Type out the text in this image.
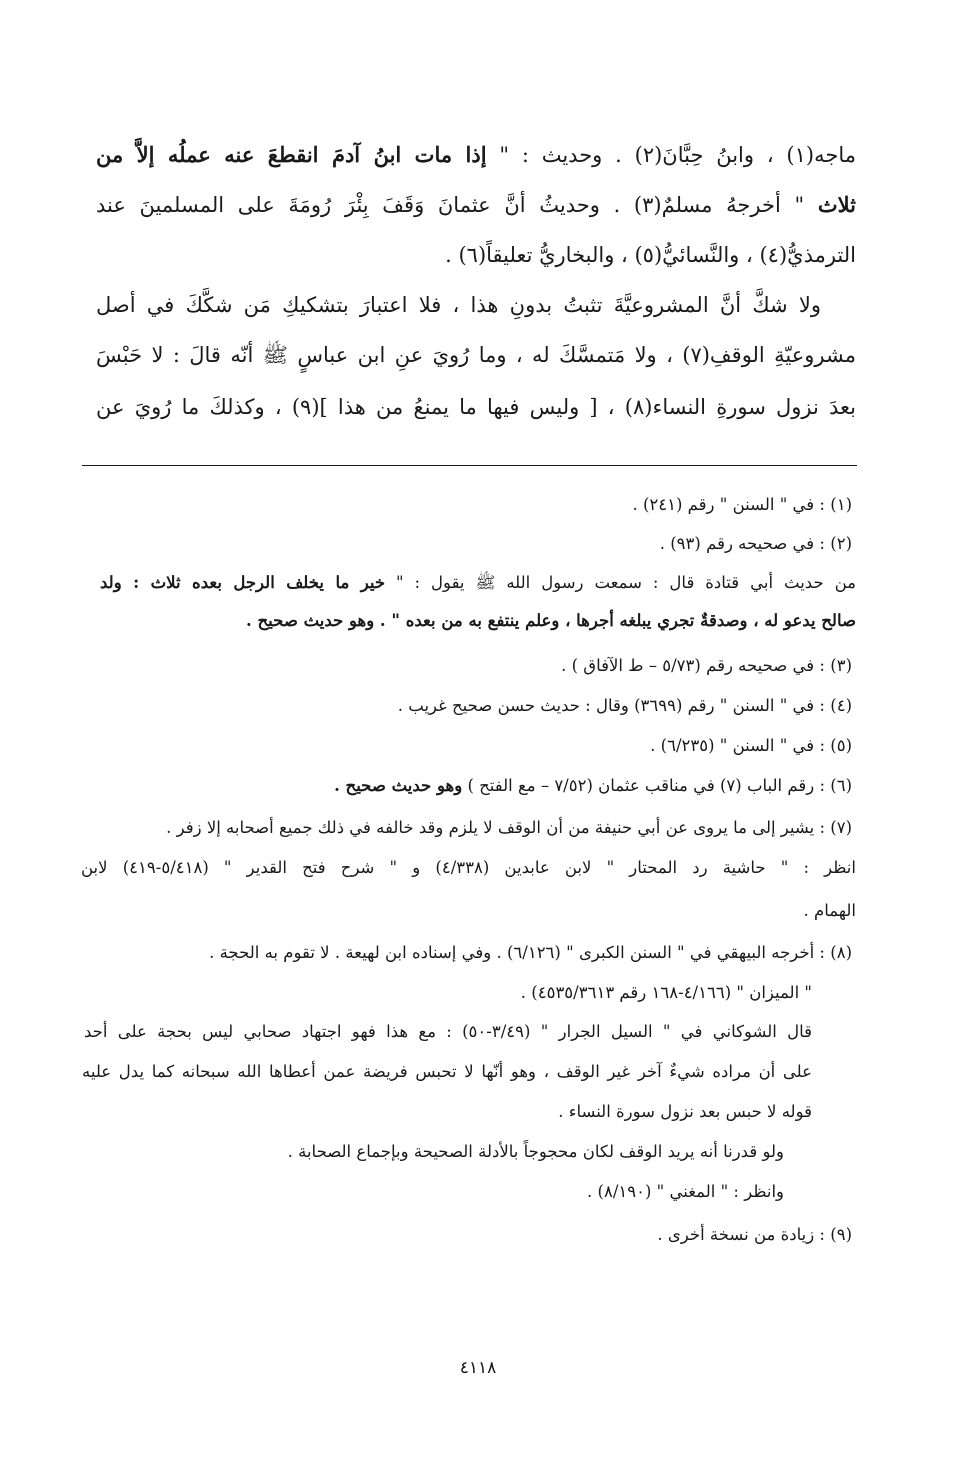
ماجه(١) ، وابنُ حِبَّانَ(٢) . وحديث : " إذا مات ابنُ آدمَ انقطعَ عنه عملُه إلاَّ من
ثلاث " أخرجهُ مسلمٌ(٣) . وحديثُ أنَّ عثمانَ وَقَفَ بِئْرَ رُومَةَ على المسلمينَ عند
الترمذيُّ(٤) ، والنَّسائيُّ(٥) ، والبخاريُّ تعليقاً(٦) .
ولا شكَّ أنَّ المشروعيَّةَ تثبتُ بدونِ هذا ، فلا اعتبارَ بتشكيكِ مَن شكَّكَ في أصل
مشروعيّةِ الوقفِ(٧) ، ولا مَتمسَّكَ له ، وما رُويَ عنِ ابن عباسٍ ﷺ أنّه قالَ : لا حَبْسَ
بعدَ نزول سورةِ النساء(٨) ، [ وليس فيها ما يمنعُ من هذا ](٩) ، وكذلكَ ما رُويَ عن
(١) : في " السنن " رقم (٢٤١) .
(٢) : في صحيحه رقم (٩٣) .
من حديث أبي قتادة قال : سمعت رسول الله ﷺ يقول : " خير ما يخلف الرجل بعده ثلاث : ولد
صالح يدعو له ، وصدقةٌ تجري يبلغه أجرها ، وعلم ينتفع به من بعده " . وهو حديث صحيح .
(٣) : في صحيحه رقم (٥/٧٣ – ط الآفاق ) .
(٤) : في " السنن " رقم (٣٦٩٩) وقال : حديث حسن صحيح غريب .
(٥) : في " السنن " (٦/٢٣٥) .
(٦) : رقم الباب (٧) في مناقب عثمان (٧/٥٢ – مع الفتح ) وهو حديث صحيح .
(٧) : يشير إلى ما يروى عن أبي حنيفة من أن الوقف لا يلزم وقد خالفه في ذلك جميع أصحابه إلا زفر .
انظر : " حاشية رد المحتار " لابن عابدين (٤/٣٣٨) و " شرح فتح القدير " (٥/٤١٨-٤١٩) لابن
الهمام .
(٨) : أخرجه البيهقي في " السنن الكبرى " (٦/١٢٦) . وفي إسناده ابن لهيعة . لا تقوم به الحجة .
" الميزان " (٤/١٦٦-١٦٨ رقم ٤٥٣٥/٣٦١٣) .
قال الشوكاني في " السيل الجرار " (٣/٤٩-٥٠) : مع هذا فهو اجتهاد صحابي ليس بحجة على أحد
على أن مراده شيءٌ آخر غير الوقف ، وهو أنّها لا تحبس فريضة عمن أعطاها الله سبحانه كما يدل عليه
قوله لا حبس بعد نزول سورة النساء .
ولو قدرنا أنه يريد الوقف لكان محجوجاً بالأدلة الصحيحة وبإجماع الصحابة .
وانظر : " المغني " (٨/١٩٠) .
(٩) : زيادة من نسخة أخرى .
٤١١٨
